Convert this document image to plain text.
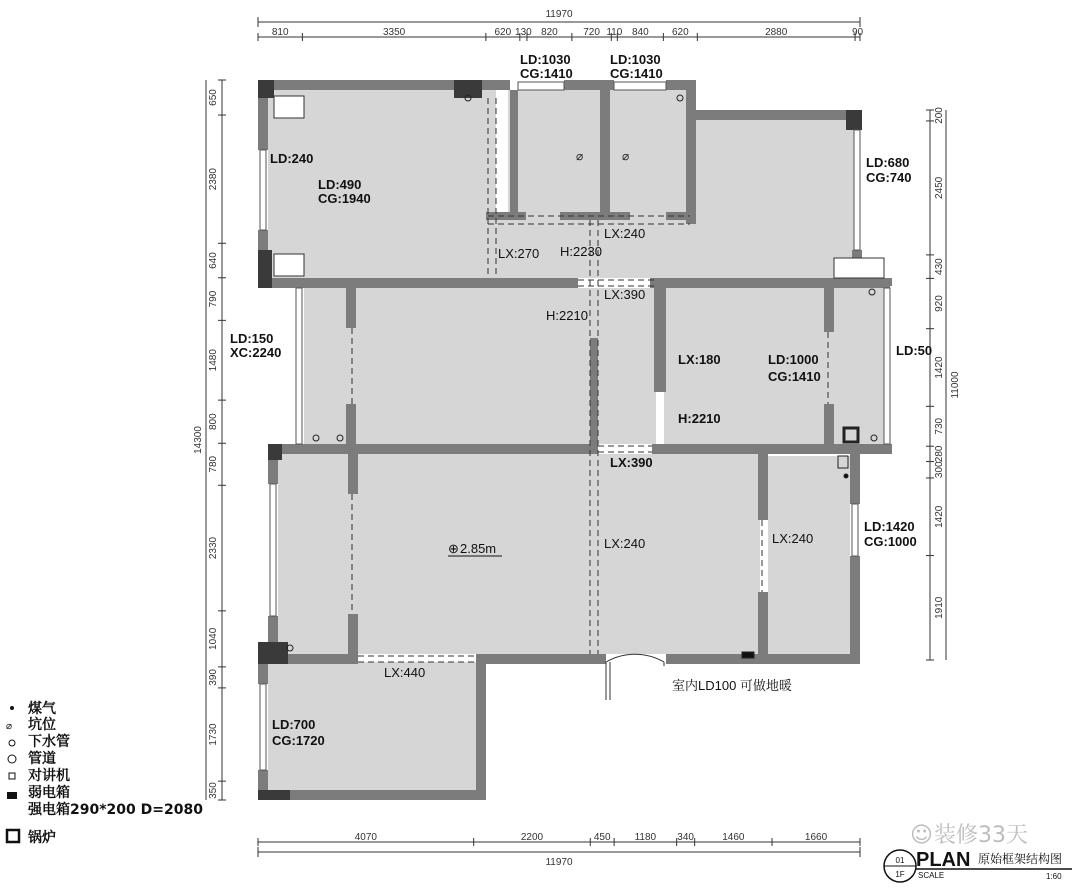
⌀	⌀
11970
810	3350	620 130 820	720 110 840 620	2880	90
4070	2200	450 1180 340	1460	1660
11970
14300
650
2380
640
790
1480
800
780
2330
1040
390
1730
350
11000
200
2450
430
920
1420
730
280
300
1420
1910
LD:1030
CG:1410
LD:1030
CG:1410
LD:240
LD:490
CG:1940
LD:680
CG:740
LX:270 H:2230
LX:240
LX:390
H:2210
LD:150
XC:2240	LX:180
H:2210
LD:1000
CG:1410
LD:50
LX:390
⊕ 2.85m	LX:240	LX:240
LD:1420
CG:1000
LX:440
室内LD100 可做地暖
LD:700
CG:1720
煤气
⌀ 坑位
下水管
管道
对讲机
弱电箱
强电箱290*200 D=2080
锅炉	☺ 装修33天
01
1F
PLAN
SCALE
原始框架结构图
1:60
